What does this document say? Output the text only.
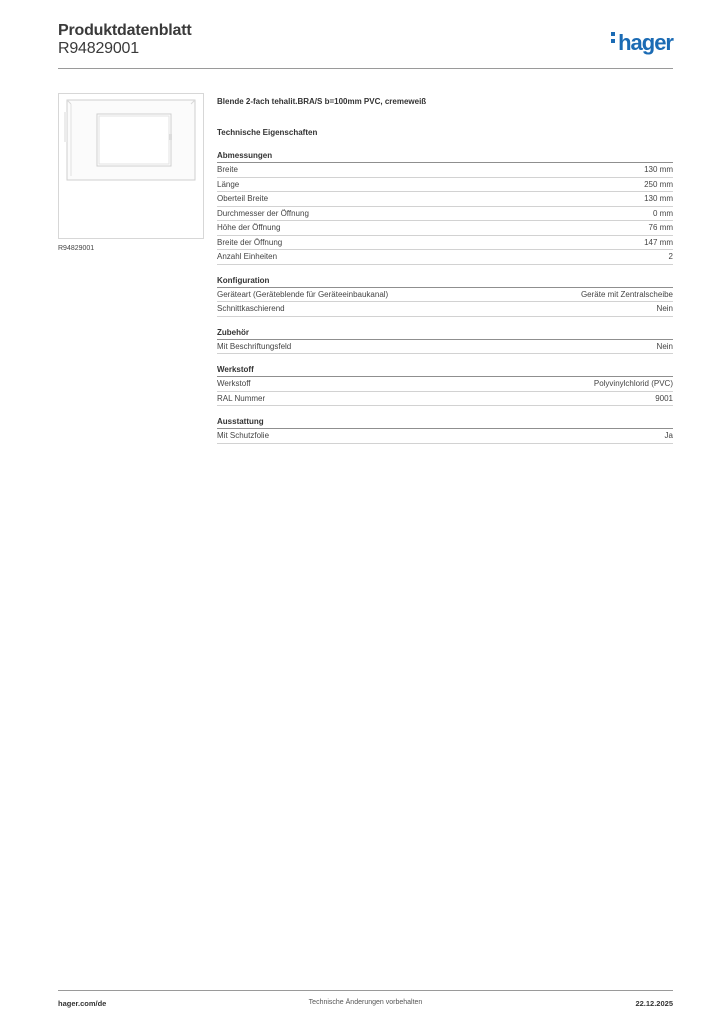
Produktdatenblatt
R94829001	hager
R94829001
Blende 2-fach tehalit.BRA/S b=100mm PVC, cremeweiß
Technische Eigenschaften
Abmessungen
Breite	130 mm
Länge	250 mm
Oberteil Breite	130 mm
Durchmesser der Öffnung	0 mm
Höhe der Öffnung	76 mm
Breite der Öffnung	147 mm
Anzahl Einheiten	2
Konfiguration
Geräteart (Geräteblende für Geräteeinbaukanal)	Geräte mit Zentralscheibe
Schnittkaschierend	Nein
Zubehör
Mit Beschriftungsfeld	Nein
Werkstoff
Werkstoff	Polyvinylchlorid (PVC)
RAL Nummer	9001
Ausstattung
Mit Schutzfolie	Ja
hager.com/de	Technische Änderungen vorbehalten	22.12.2025
